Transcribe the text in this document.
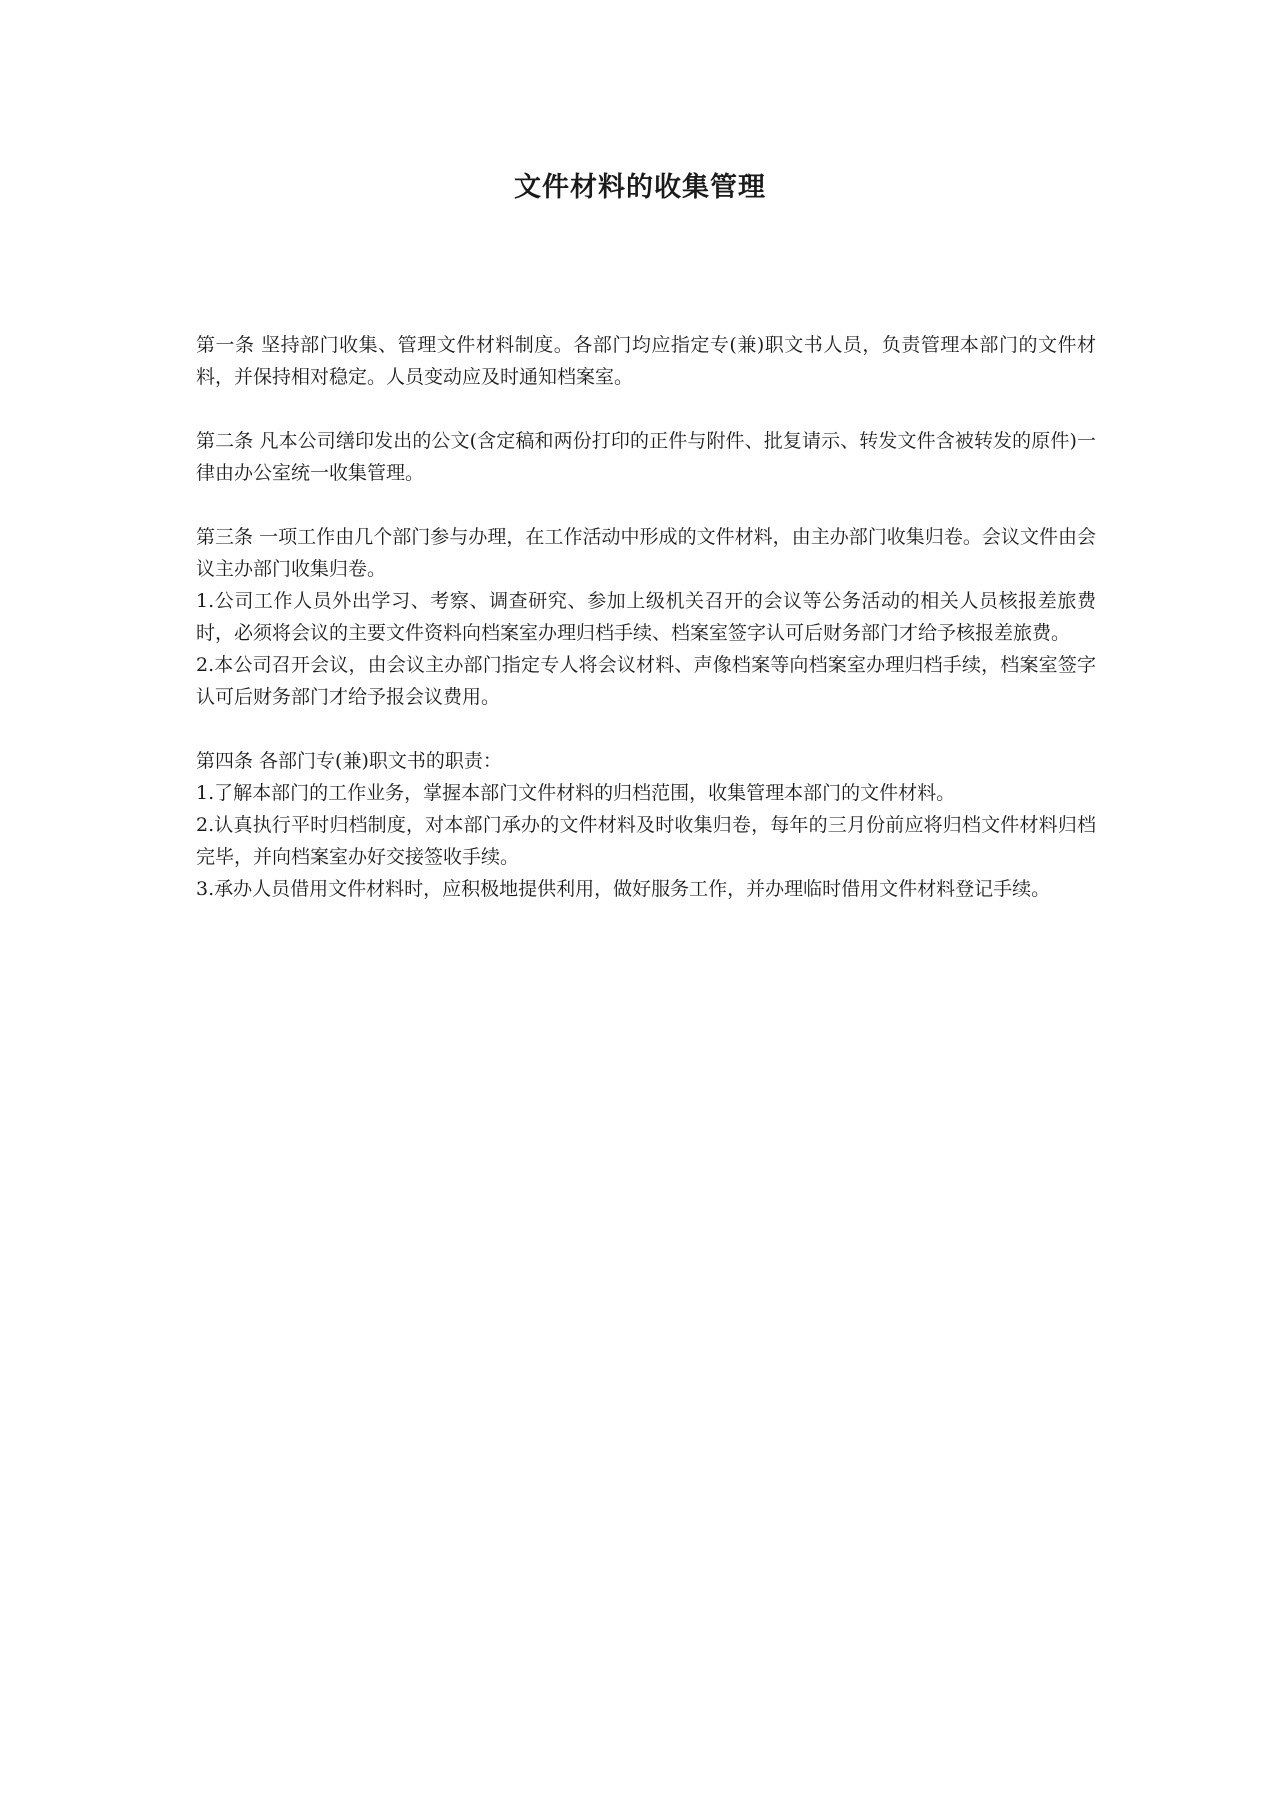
文件材料的收集管理

第一条 坚持部门收集、管理文件材料制度。各部门均应指定专(兼)职文书人员，负责管理本部门的文件材料，并保持相对稳定。人员变动应及时通知档案室。

第二条 凡本公司缮印发出的公文(含定稿和两份打印的正件与附件、批复请示、转发文件含被转发的原件)一律由办公室统一收集管理。

第三条 一项工作由几个部门参与办理，在工作活动中形成的文件材料，由主办部门收集归卷。会议文件由会议主办部门收集归卷。

1.公司工作人员外出学习、考察、调查研究、参加上级机关召开的会议等公务活动的相关人员核报差旅费时，必须将会议的主要文件资料向档案室办理归档手续、档案室签字认可后财务部门才给予核报差旅费。

2.本公司召开会议，由会议主办部门指定专人将会议材料、声像档案等向档案室办理归档手续，档案室签字认可后财务部门才给予报会议费用。

第四条 各部门专(兼)职文书的职责：

1.了解本部门的工作业务，掌握本部门文件材料的归档范围，收集管理本部门的文件材料。

2.认真执行平时归档制度，对本部门承办的文件材料及时收集归卷，每年的三月份前应将归档文件材料归档完毕，并向档案室办好交接签收手续。

3.承办人员借用文件材料时，应积极地提供利用，做好服务工作，并办理临时借用文件材料登记手续。
